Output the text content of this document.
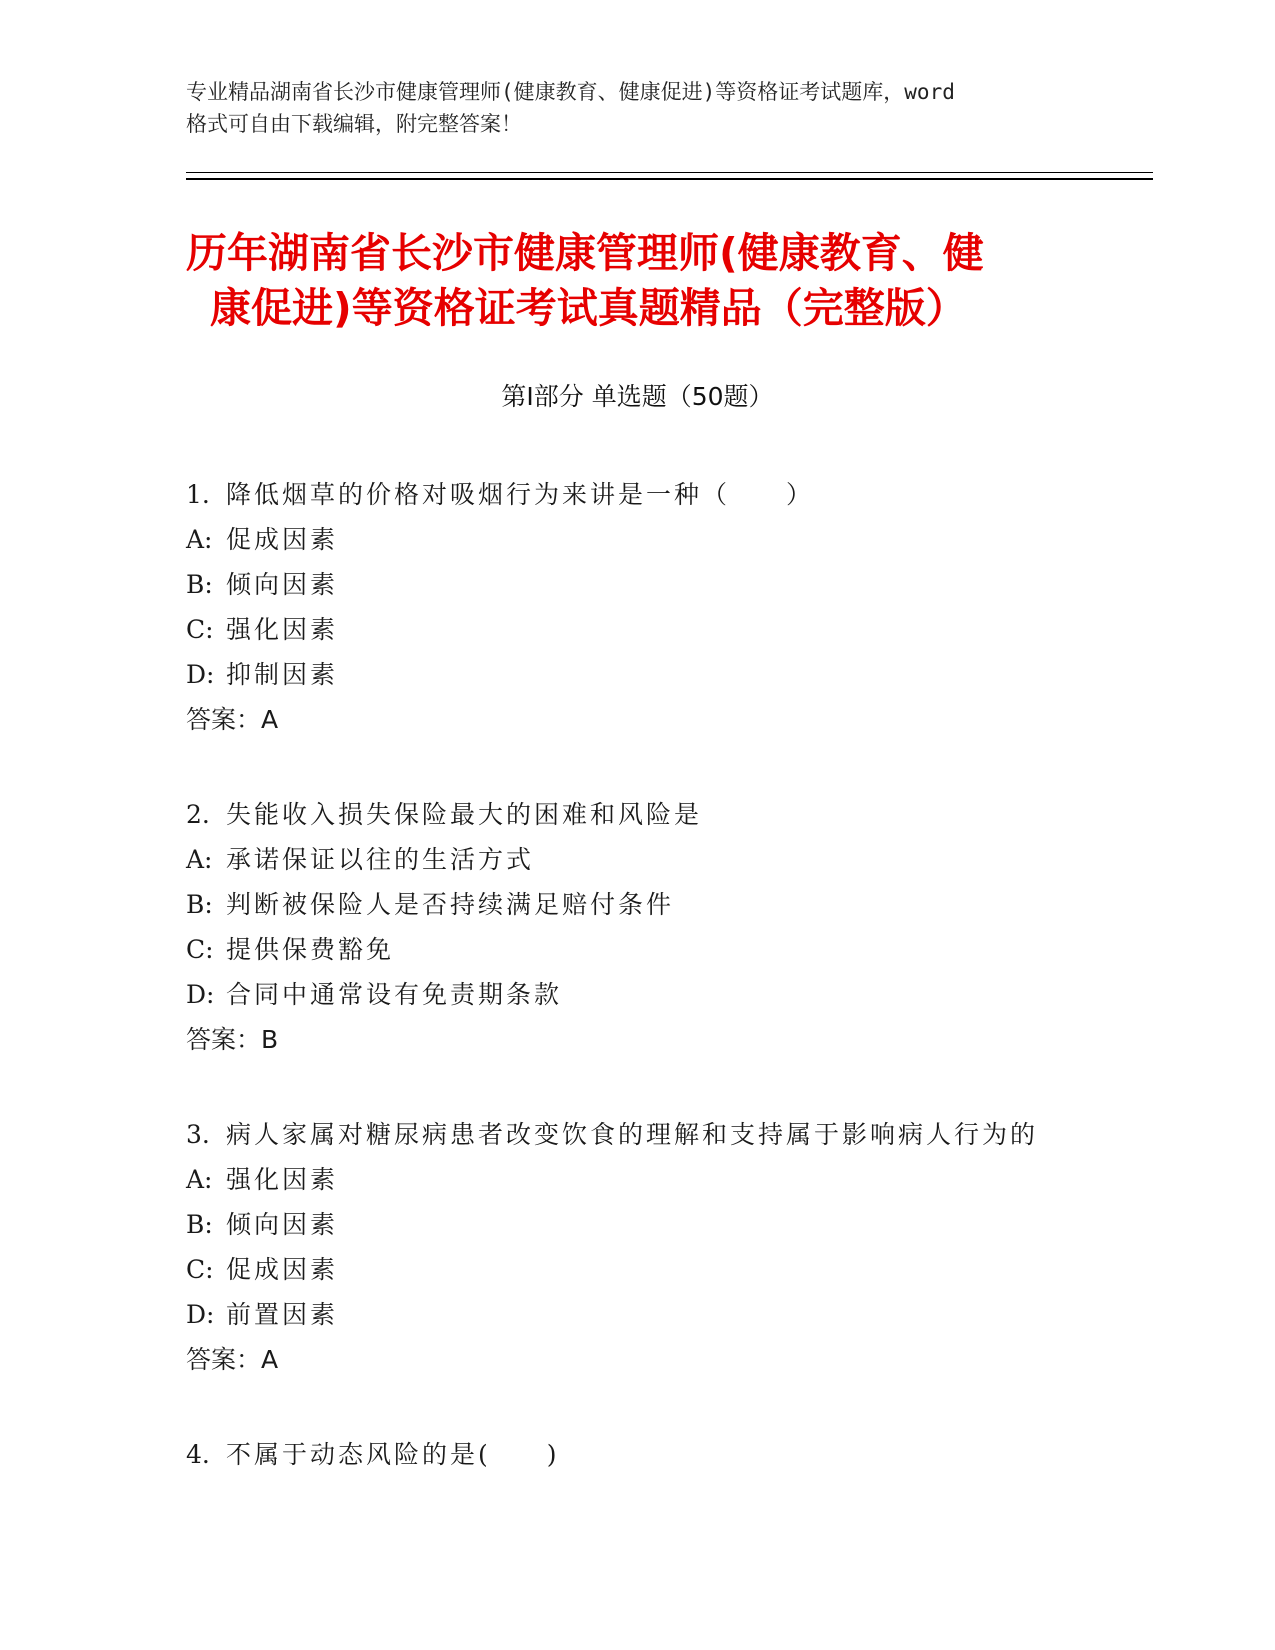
专业精品湖南省长沙市健康管理师(健康教育、健康促进)等资格证考试题库，word
格式可自由下载编辑，附完整答案！
历年湖南省长沙市健康管理师(健康教育、健
康促进)等资格证考试真题精品（完整版）
第Ⅰ部分 单选题（50题）
1. 降低烟草的价格对吸烟行为来讲是一种（　　）
A: 促成因素
B: 倾向因素
C: 强化因素
D: 抑制因素
答案：A
2. 失能收入损失保险最大的困难和风险是
A: 承诺保证以往的生活方式
B: 判断被保险人是否持续满足赔付条件
C: 提供保费豁免
D: 合同中通常设有免责期条款
答案：B
3. 病人家属对糖尿病患者改变饮食的理解和支持属于影响病人行为的
A: 强化因素
B: 倾向因素
C: 促成因素
D: 前置因素
答案：A
4. 不属于动态风险的是(　　)
